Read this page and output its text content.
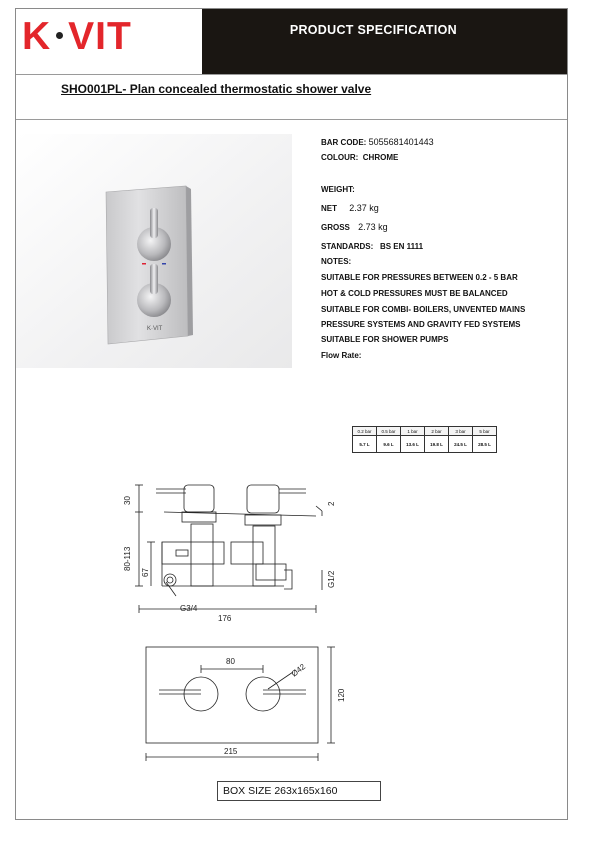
K VIT	PRODUCT SPECIFICATION
SHO001PL- Plan concealed thermostatic shower valve
K·VIT
BAR CODE: 5055681401443
COLOUR: CHROME
WEIGHT:
NET 2.37 kg
GROSS 2.73 kg
STANDARDS: BS EN 1111
NOTES:
SUITABLE FOR PRESSURES BETWEEN 0.2 - 5 BAR
HOT & COLD PRESSURES MUST BE BALANCED
SUITABLE FOR COMBI- BOILERS, UNVENTED MAINS
PRESSURE SYSTEMS AND GRAVITY FED SYSTEMS
SUITABLE FOR SHOWER PUMPS
Flow Rate:
0.2 bar	0.5 bar	1 bar	2 bar	3 bar	5 bar
5.7 L	9.6 L	13.6 L	19.8 L	24.5 L	28.5 L
30	2
80-113
67	G1/2
G3/4
176
80
Ø42
120
215
BOX SIZE 263x165x160
